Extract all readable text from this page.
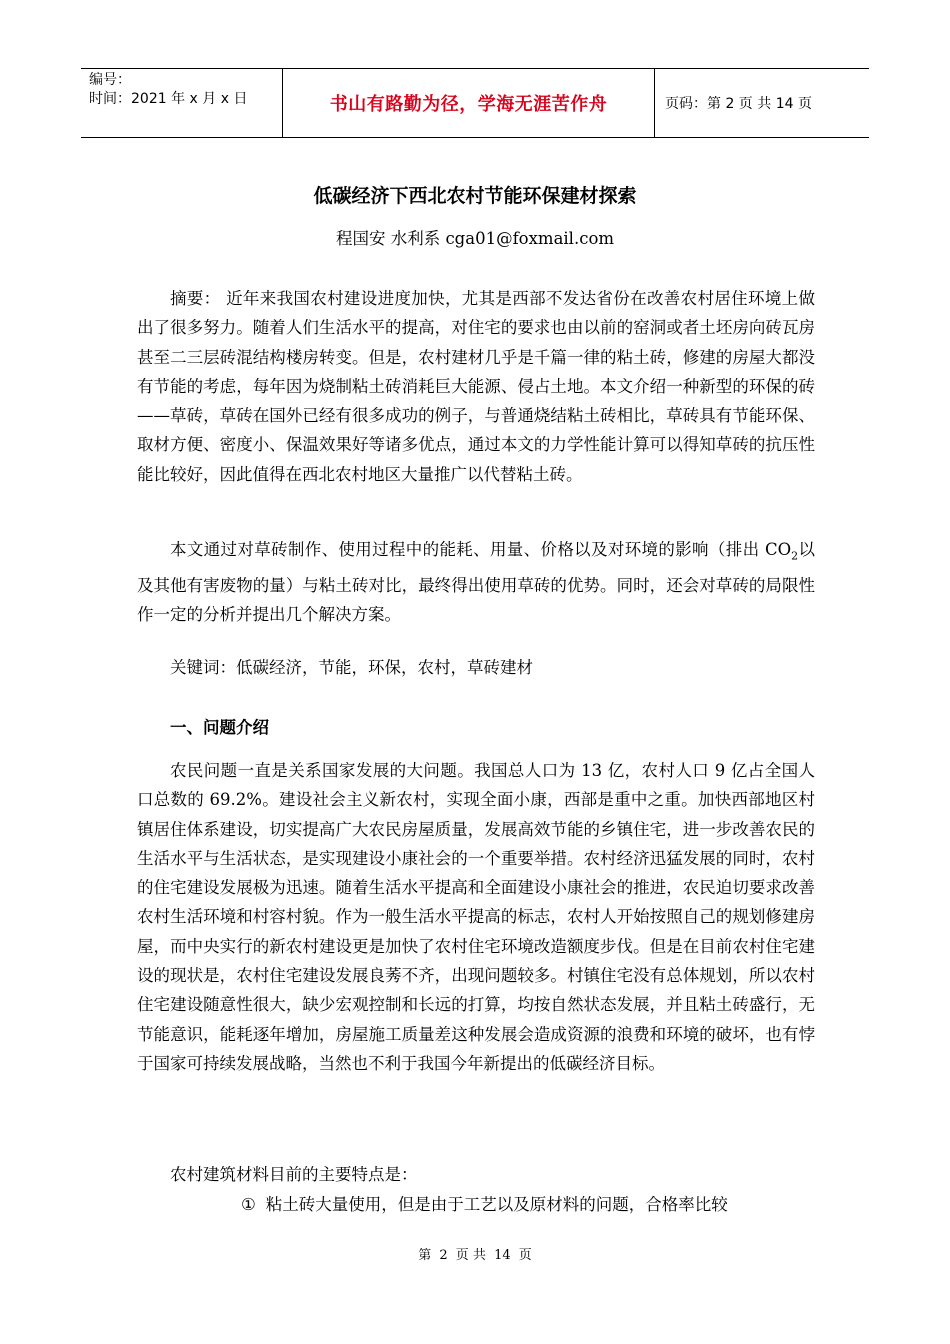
编号：
时间：2021 年 x 月 x 日	书山有路勤为径，学海无涯苦作舟	页码：第 2 页 共 14 页
低碳经济下西北农村节能环保建材探索
程国安 水利系 cga01@foxmail.com

摘要： 近年来我国农村建设进度加快，尤其是西部不发达省份在改善农村居住环境上做出了很多努力。随着人们生活水平的提高，对住宅的要求也由以前的窑洞或者土坯房向砖瓦房甚至二三层砖混结构楼房转变。但是，农村建材几乎是千篇一律的粘土砖，修建的房屋大都没有节能的考虑，每年因为烧制粘土砖消耗巨大能源、侵占土地。本文介绍一种新型的环保的砖——草砖，草砖在国外已经有很多成功的例子，与普通烧结粘土砖相比，草砖具有节能环保、取材方便、密度小、保温效果好等诸多优点，通过本文的力学性能计算可以得知草砖的抗压性能比较好，因此值得在西北农村地区大量推广以代替粘土砖。

本文通过对草砖制作、使用过程中的能耗、用量、价格以及对环境的影响（排出 $CO_2$以及其他有害废物的量）与粘土砖对比，最终得出使用草砖的优势。同时，还会对草砖的局限性作一定的分析并提出几个解决方案。

关键词：低碳经济，节能，环保，农村，草砖建材

一、问题介绍

农民问题一直是关系国家发展的大问题。我国总人口为 13 亿，农村人口 9 亿占全国人口总数的 69.2%。建设社会主义新农村，实现全面小康，西部是重中之重。加快西部地区村镇居住体系建设，切实提高广大农民房屋质量，发展高效节能的乡镇住宅，进一步改善农民的生活水平与生活状态，是实现建设小康社会的一个重要举措。农村经济迅猛发展的同时，农村的住宅建设发展极为迅速。随着生活水平提高和全面建设小康社会的推进，农民迫切要求改善农村生活环境和村容村貌。作为一般生活水平提高的标志，农村人开始按照自己的规划修建房屋，而中央实行的新农村建设更是加快了农村住宅环境改造额度步伐。但是在目前农村住宅建设的现状是，农村住宅建设发展良莠不齐，出现问题较多。村镇住宅没有总体规划，所以农村住宅建设随意性很大，缺少宏观控制和长远的打算，均按自然状态发展，并且粘土砖盛行，无节能意识，能耗逐年增加，房屋施工质量差这种发展会造成资源的浪费和环境的破坏，也有悖于国家可持续发展战略，当然也不利于我国今年新提出的低碳经济目标。

农村建筑材料目前的主要特点是：

① 粘土砖大量使用，但是由于工艺以及原材料的问题，合格率比较
第 2 页 共 14 页
